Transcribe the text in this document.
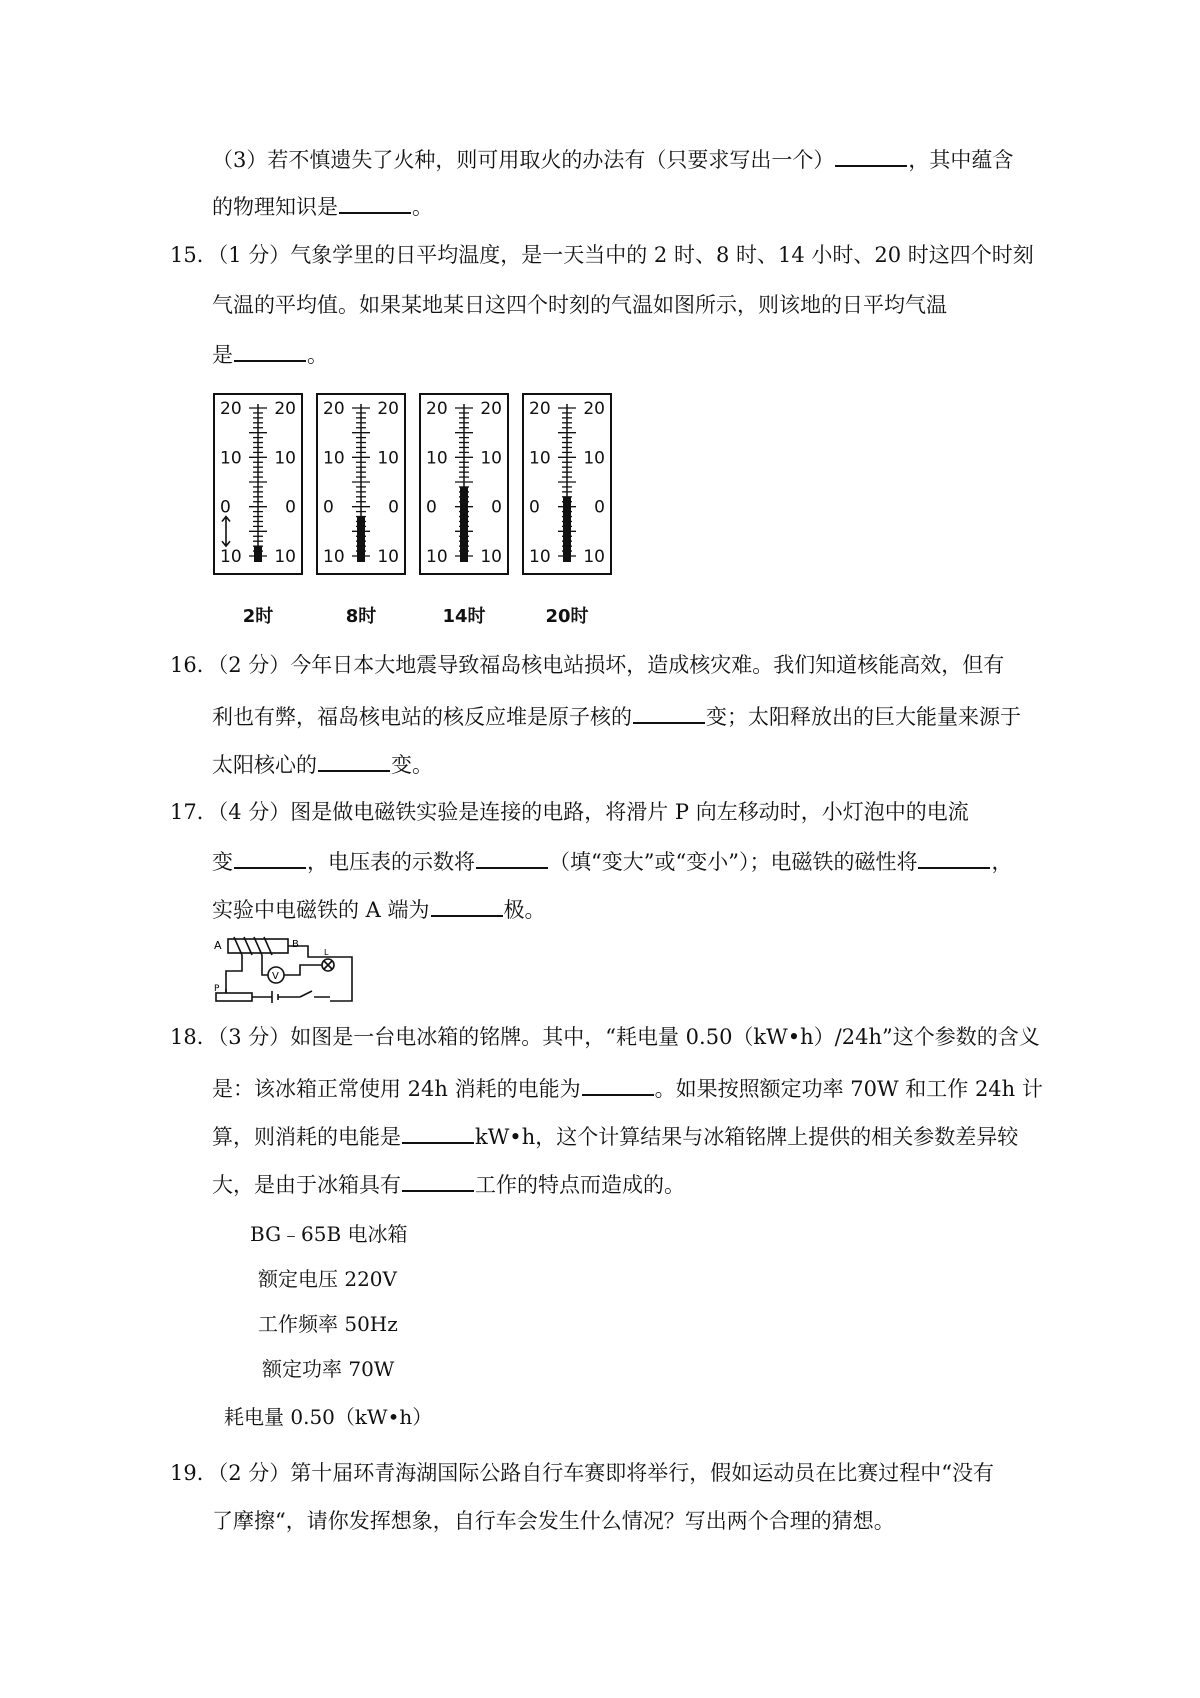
（3）若不慎遗失了火种，则可用取火的办法有（只要求写出一个）	，其中蕴含
的物理知识是	。
15．（1 分）气象学里的日平均温度，是一天当中的 2 时、8 时、14 小时、20 时这四个时刻
气温的平均值。如果某地某日这四个时刻的气温如图所示，则该地的日平均气温
是	。
20 20
10 10
0	0
10 10
2时
20 20
10 10
0	0
10 10
8时
20 20
10 10
0	0
10 10
14时
20 20
10 10
0	0
10 10
20时
16．（2 分）今年日本大地震导致福岛核电站损坏，造成核灾难。我们知道核能高效，但有
利也有弊，福岛核电站的核反应堆是原子核的	变；太阳释放出的巨大能量来源于
太阳核心的	变。
17．（4 分）图是做电磁铁实验是连接的电路，将滑片 P 向左移动时，小灯泡中的电流
变	，电压表的示数将	（填“变大”或“变小”）；电磁铁的磁性将	，
实验中电磁铁的 A 端为	极。
A	B
V
P
L
18．（3 分）如图是一台电冰箱的铭牌。其中，“耗电量 0.50（kW•h）/24h”这个参数的含义
是：该冰箱正常使用 24h 消耗的电能为	。如果按照额定功率 70W 和工作 24h 计
算，则消耗的电能是	kW•h，这个计算结果与冰箱铭牌上提供的相关参数差异较
大，是由于冰箱具有	工作的特点而造成的。
BG﹣65B 电冰箱
额定电压 220V
工作频率 50Hz
额定功率 70W
耗电量 0.50（kW•h）
19．（2 分）第十届环青海湖国际公路自行车赛即将举行，假如运动员在比赛过程中“没有
了摩擦“，请你发挥想象，自行车会发生什么情况？写出两个合理的猜想。
